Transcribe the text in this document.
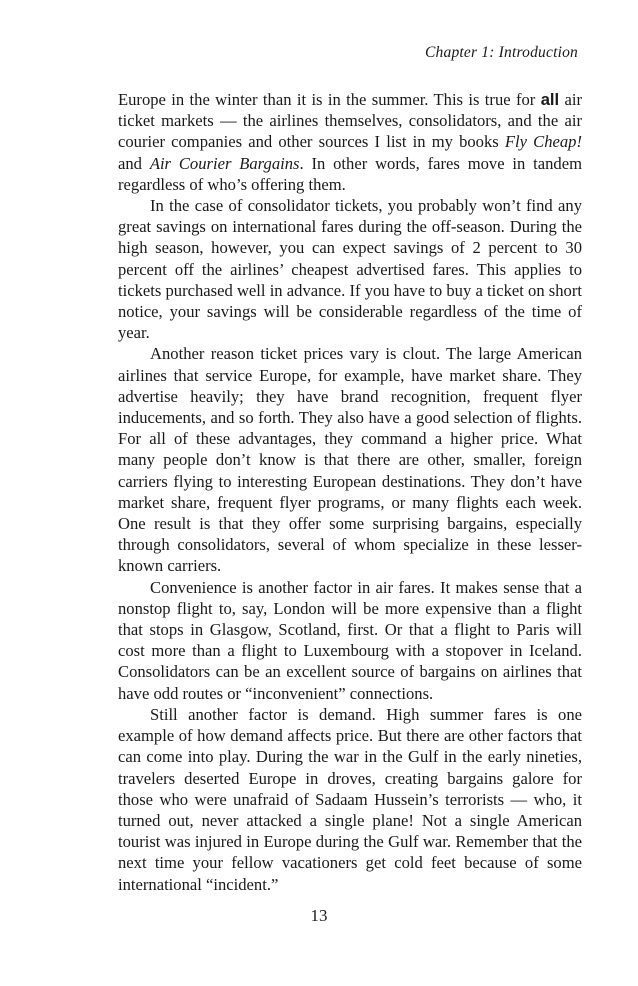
Chapter 1: Introduction

Europe in the winter than it is in the summer. This is true for all air ticket markets — the airlines themselves, consolidators, and the air courier companies and other sources I list in my books Fly Cheap! and Air Courier Bargains. In other words, fares move in tandem regardless of who’s offering them.

In the case of consolidator tickets, you probably won’t find any great savings on international fares during the off-season. During the high season, however, you can expect savings of 2 percent to 30 percent off the airlines’ cheapest advertised fares. This applies to tickets purchased well in advance. If you have to buy a ticket on short notice, your savings will be considerable regardless of the time of year.

Another reason ticket prices vary is clout. The large American airlines that service Europe, for example, have market share. They advertise heavily; they have brand recognition, frequent flyer inducements, and so forth. They also have a good selection of flights. For all of these advantages, they command a higher price. What many people don’t know is that there are other, smaller, foreign carriers flying to interesting European destinations. They don’t have market share, frequent flyer programs, or many flights each week. One result is that they offer some surprising bargains, especially through consolidators, several of whom specialize in these lesser-known carriers.

Convenience is another factor in air fares. It makes sense that a nonstop flight to, say, London will be more expensive than a flight that stops in Glasgow, Scotland, first. Or that a flight to Paris will cost more than a flight to Luxembourg with a stopover in Iceland. Consolidators can be an excellent source of bargains on airlines that have odd routes or “inconvenient” connections.

Still another factor is demand. High summer fares is one example of how demand affects price. But there are other factors that can come into play. During the war in the Gulf in the early nineties, travelers deserted Europe in droves, creating bargains galore for those who were unafraid of Sadaam Hussein’s terrorists — who, it turned out, never attacked a single plane! Not a single American tourist was injured in Europe during the Gulf war. Remember that the next time your fellow vacationers get cold feet because of some international “incident.”

13
